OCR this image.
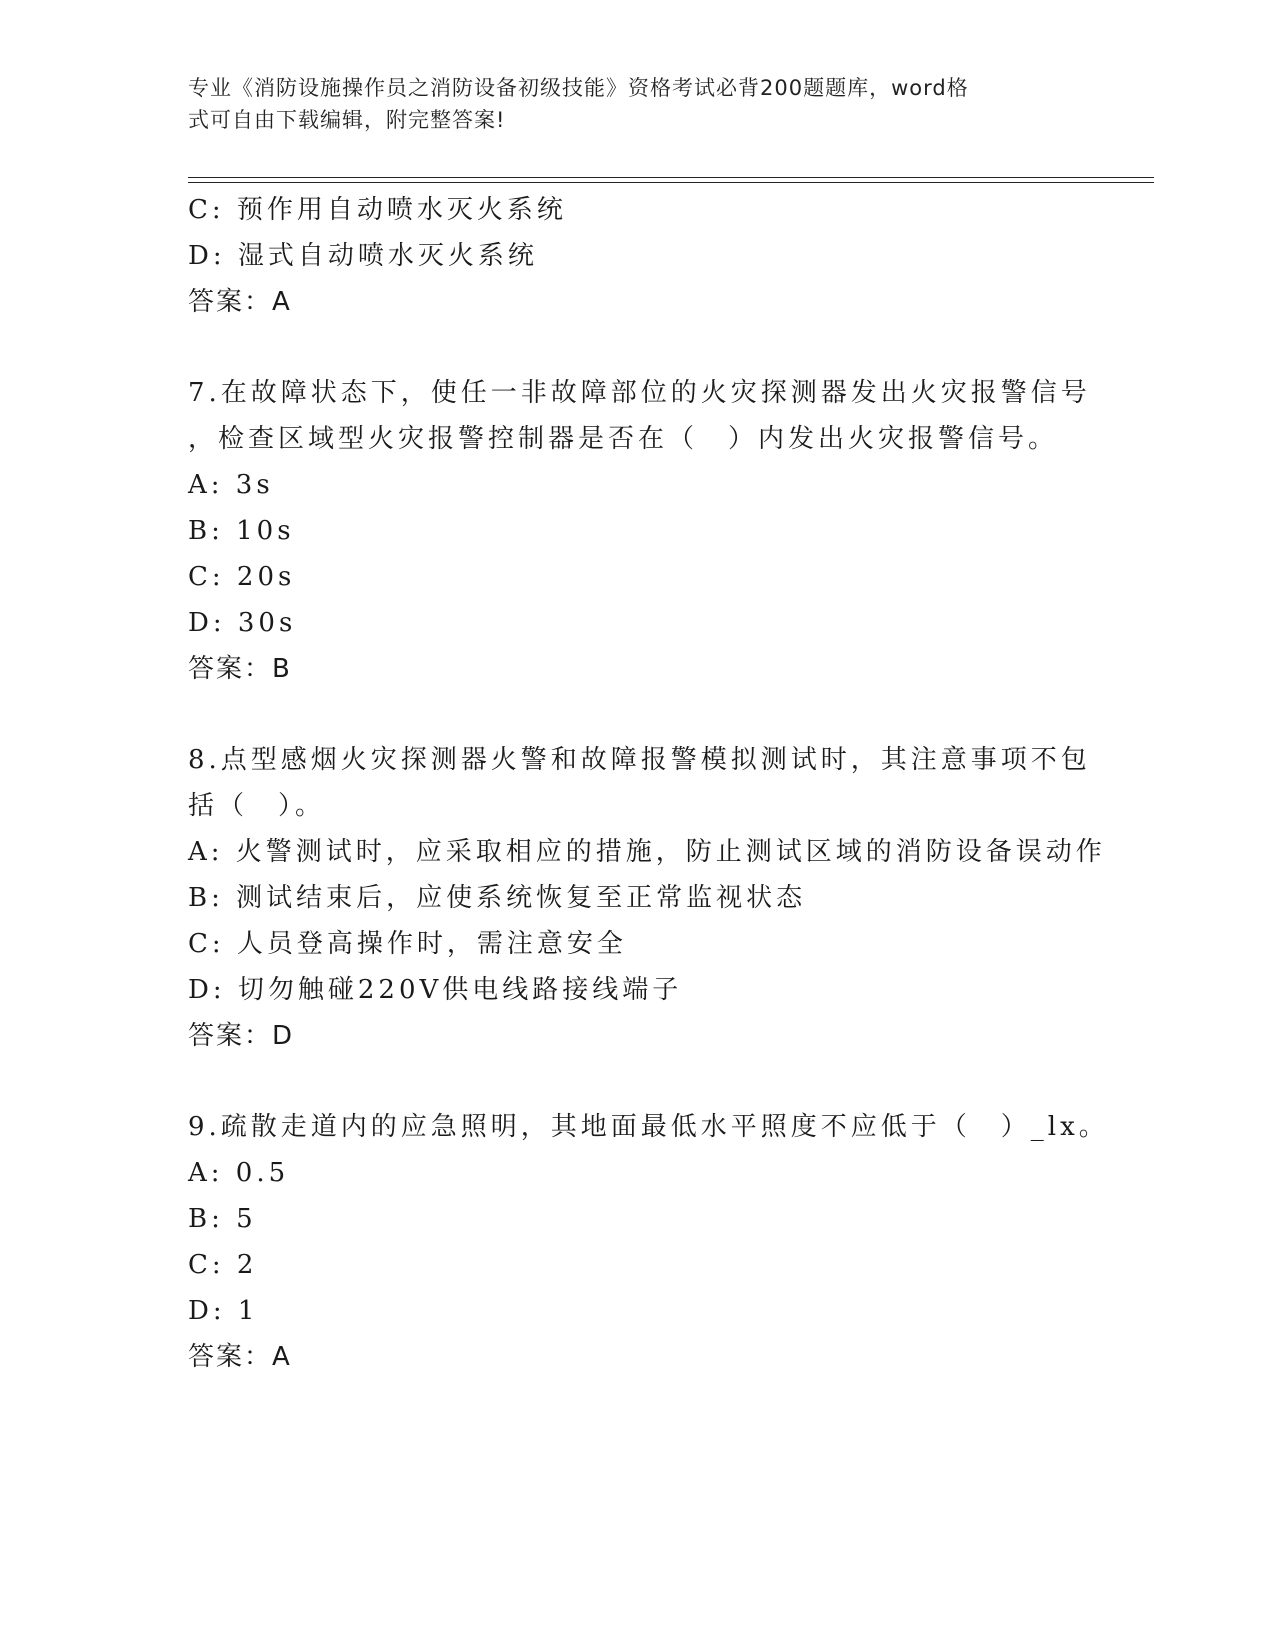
专业《消防设施操作员之消防设备初级技能》资格考试必背200题题库，word格
式可自由下载编辑，附完整答案!
C: 预作用自动喷水灭火系统
D: 湿式自动喷水灭火系统
答案：A
7.在故障状态下，使任一非故障部位的火灾探测器发出火灾报警信号
，检查区域型火灾报警控制器是否在（　）内发出火灾报警信号。
A: 3s
B: 10s
C: 20s
D: 30s
答案：B
8.点型感烟火灾探测器火警和故障报警模拟测试时，其注意事项不包
括（　）。
A: 火警测试时，应采取相应的措施，防止测试区域的消防设备误动作
B: 测试结束后，应使系统恢复至正常监视状态
C: 人员登高操作时，需注意安全
D: 切勿触碰220V供电线路接线端子
答案：D
9.疏散走道内的应急照明，其地面最低水平照度不应低于（　）_lx。
A: 0.5
B: 5
C: 2
D: 1
答案：A
